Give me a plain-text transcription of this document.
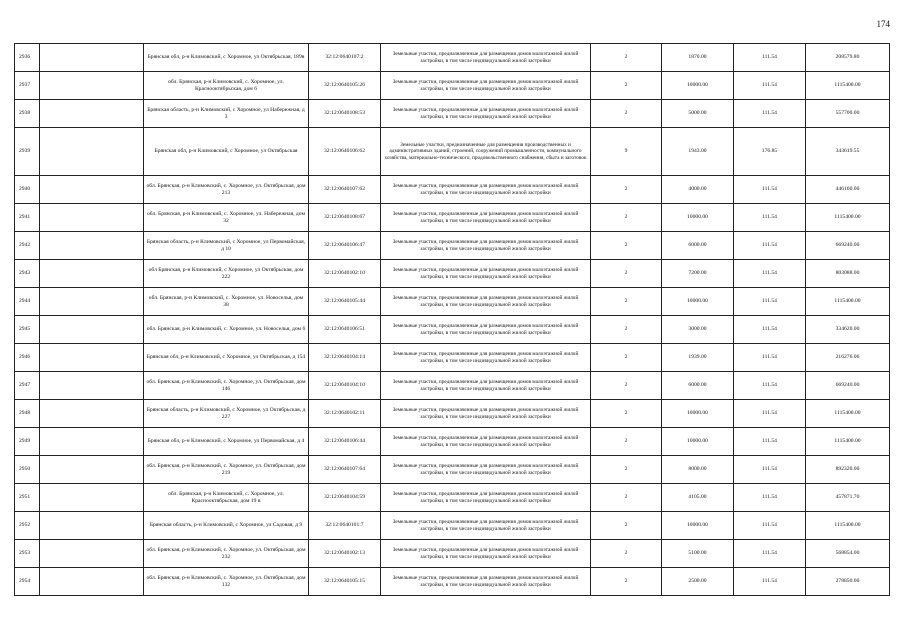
174
2936		Брянская обл, р-н Климовский, с Хоромное, ул Октябрьская, 189в	32:12:0640107:2	Земельные участки, предназначенные для размещения домов малоэтажной жилой застройки, в том числе индивидуальной жилой застройки	2	1870.00	111.54	208579.80
2937		обл. Брянская, р-н Климовский, с. Хоромное, ул. Краснооктябрьская, дом 6	32:12:0640105:26	Земельные участки, предназначенные для размещения домов малоэтажной жилой застройки, в том числе индивидуальной жилой застройки	2	10000.00	111.54	1115400.00
2938		Брянская область, р-н Климовский, с Хоромное, ул Набережная, д 3	32:12:0640108:53	Земельные участки, предназначенные для размещения домов малоэтажной жилой застройки, в том числе индивидуальной жилой застройки	2	5000.00	111.54	557700.00
2939		Брянская обл, р-н Климовский, с Хоромное, ул Октябрьская	32:12:0640106:62	Земельные участки, предназначенные для размещения производственных и административных зданий, строений, сооружений промышленности, коммунального хозяйства, материально-технического, продовольственного снабжения, сбыта и заготовок	9	1943.00	176.85	343619.55
2940		обл. Брянская, р-н Климовский, с. Хоромное, ул. Октябрьская, дом 213	32:12:0640107:62	Земельные участки, предназначенные для размещения домов малоэтажной жилой застройки, в том числе индивидуальной жилой застройки	2	4000.00	111.54	446160.00
2941		обл. Брянская, р-н Климовский, с. Хоромное, ул. Набережная, дом 32	32:12:0640108:67	Земельные участки, предназначенные для размещения домов малоэтажной жилой застройки, в том числе индивидуальной жилой застройки	2	10000.00	111.54	1115400.00
2942		Брянская область, р-н Климовский, с Хоромное, ул Первомайская, д 10	32:12:0640106:47	Земельные участки, предназначенные для размещения домов малоэтажной жилой застройки, в том числе индивидуальной жилой застройки	2	6000.00	111.54	669240.00
2943		обл Брянская, р-н Климовский, с Хоромное, ул Октябрьская, дом 222	32:12:0640102:10	Земельные участки, предназначенные для размещения домов малоэтажной жилой застройки, в том числе индивидуальной жилой застройки	2	7200.00	111.54	803088.00
2944		обл. Брянская, р-н Климовский, с. Хоромное, ул. Новоселья, дом 38	32:12:0640105:44	Земельные участки, предназначенные для размещения домов малоэтажной жилой застройки, в том числе индивидуальной жилой застройки	2	10000.00	111.54	1115400.00
2945		обл. Брянская, р-н Климовский, с. Хоромное, ул. Новоселья, дом 6	32:12:0640106:51	Земельные участки, предназначенные для размещения домов малоэтажной жилой застройки, в том числе индивидуальной жилой застройки	2	3000.00	111.54	334620.00
2946		Брянская обл, р-н Климовский, с Хоромное, ул Октябрьская, д 154	32:12:0640104:14	Земельные участки, предназначенные для размещения домов малоэтажной жилой застройки, в том числе индивидуальной жилой застройки	2	1939.00	111.54	216276.06
2947		обл. Брянская, р-н Климовский, с. Хоромное, ул. Октябрьская, дом 146	32:12:0640104:10	Земельные участки, предназначенные для размещения домов малоэтажной жилой застройки, в том числе индивидуальной жилой застройки	2	6000.00	111.54	669240.00
2948		Брянская область, р-н Климовский, с Хоромное, ул Октябрьская, д 227	32:12:0640102:11	Земельные участки, предназначенные для размещения домов малоэтажной жилой застройки, в том числе индивидуальной жилой застройки	2	10000.00	111.54	1115400.00
2949		Брянская обл, р-н Климовский, с Хоромное, ул Первомайская, д 4	32:12:0640106:44	Земельные участки, предназначенные для размещения домов малоэтажной жилой застройки, в том числе индивидуальной жилой застройки	2	10000.00	111.54	1115400.00
2950		обл. Брянская, р-н Климовский, с. Хоромное, ул. Октябрьская, дом 219	32:12:0640107:64	Земельные участки, предназначенные для размещения домов малоэтажной жилой застройки, в том числе индивидуальной жилой застройки	2	8000.00	111.54	892320.00
2951		обл. Брянская, р-н Климовский, с. Хоромное, ул. Краснооктябрьская, дом 19 в	32:12:0640104:59	Земельные участки, предназначенные для размещения домов малоэтажной жилой застройки, в том числе индивидуальной жилой застройки	2	4105.00	111.54	457871.70
2952		Брянская область, р-н Климовский, с Хоромное, ул Садовая, д 9	32:12:0640101:7	Земельные участки, предназначенные для размещения домов малоэтажной жилой застройки, в том числе индивидуальной жилой застройки	2	10000.00	111.54	1115400.00
2953		обл. Брянская, р-н Климовский, с. Хоромное, ул. Октябрьская, дом 232	32:12:0640102:13	Земельные участки, предназначенные для размещения домов малоэтажной жилой застройки, в том числе индивидуальной жилой застройки	2	5100.00	111.54	568854.00
2954		обл. Брянская, р-н Климовский, с. Хоромное, ул. Октябрьская, дом 132	32:12:0640105:15	Земельные участки, предназначенные для размещения домов малоэтажной жилой застройки, в том числе индивидуальной жилой застройки	2	2500.00	111.54	278850.00
